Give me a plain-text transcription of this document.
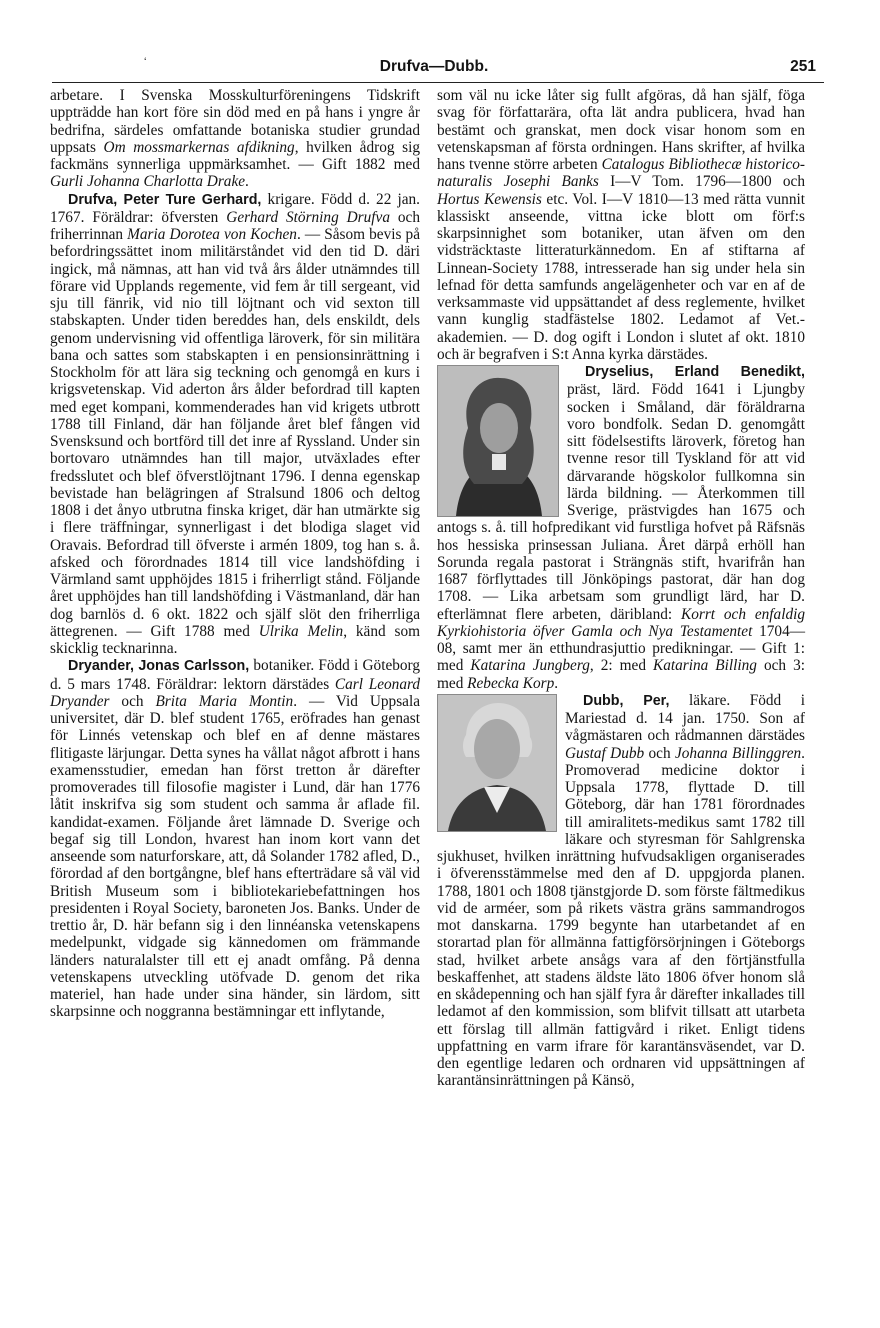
‘	Drufva—Dubb.	251

arbetare. I Svenska Mosskulturföreningens Tidskrift uppträdde han kort före sin död med en på hans i yngre år bedrifna, särdeles omfattande botaniska studier grundad uppsats Om mossmarkernas afdikning, hvilken ådrog sig fackmäns synnerliga uppmärksamhet. — Gift 1882 med Gurli Johanna Charlotta Drake.

Drufva, Peter Ture Gerhard, krigare. Född d. 22 jan. 1767. Föräldrar: öfversten Gerhard Störning Drufva och friherrinnan Maria Dorotea von Kochen. — Såsom bevis på befordringssättet inom militärståndet vid den tid D. däri ingick, må nämnas, att han vid två års ålder utnämndes till förare vid Upplands regemente, vid fem år till sergeant, vid sju till fänrik, vid nio till löjtnant och vid sexton till stabskapten. Under tiden bereddes han, dels enskildt, dels genom undervisning vid offentliga läroverk, för sin militära bana och sattes som stabskapten i en pensionsinrättning i Stockholm för att lära sig teckning och genomgå en kurs i krigsvetenskap. Vid aderton års ålder befordrad till kapten med eget kompani, kommenderades han vid krigets utbrott 1788 till Finland, där han följande året blef fången vid Svensksund och bortförd till det inre af Ryssland. Under sin bortovaro utnämndes han till major, utväxlades efter fredsslutet och blef öfverstlöjtnant 1796. I denna egenskap bevistade han belägringen af Stralsund 1806 och deltog 1808 i det ånyo utbrutna finska kriget, där han utmärkte sig i flere träffningar, synnerligast i det blodiga slaget vid Oravais. Befordrad till öfverste i armén 1809, tog han s. å. afsked och förordnades 1814 till vice landshöfding i Värmland samt upphöjdes 1815 i friherrligt stånd. Följande året upphöjdes han till landshöfding i Västmanland, där han dog barnlös d. 6 okt. 1822 och själf slöt den friherrliga ättegrenen. — Gift 1788 med Ulrika Melin, känd som skicklig tecknarinna.

Dryander, Jonas Carlsson, botaniker. Född i Göteborg d. 5 mars 1748. Föräldrar: lektorn därstädes Carl Leonard Dryander och Brita Maria Montin. — Vid Uppsala universitet, där D. blef student 1765, eröfrades han genast för Linnés vetenskap och blef en af denne mästares flitigaste lärjungar. Detta synes ha vållat något afbrott i hans examensstudier, emedan han först tretton år därefter promoverades till filosofie magister i Lund, där han 1776 låtit inskrifva sig som student och samma år aflade fil. kandidat-examen. Följande året lämnade D. Sverige och begaf sig till London, hvarest han inom kort vann det anseende som naturforskare, att, då Solander 1782 afled, D., förordad af den bortgångne, blef hans efterträdare så väl vid British Museum som i bibliotekariebefattningen hos presidenten i Royal Society, baroneten Jos. Banks. Under de trettio år, D. här befann sig i den linnéanska vetenskapens medelpunkt, vidgade sig kännedomen om främmande länders naturalalster till ett ej anadt omfång. På denna vetenskapens utveckling utöfvade D. genom det rika materiel, han hade under sina händer, sin lärdom, sitt skarpsinne och noggranna bestämningar ett inflytande,

som väl nu icke låter sig fullt afgöras, då han själf, föga svag för författarära, ofta lät andra publicera, hvad han bestämt och granskat, men dock visar honom som en vetenskapsman af första ordningen. Hans skrifter, af hvilka hans tvenne större arbeten Catalogus Bibliothecæ historico-naturalis Josephi Banks I—V Tom. 1796—1800 och Hortus Kewensis etc. Vol. I—V 1810—13 med rätta vunnit klassiskt anseende, vittna icke blott om förf:s skarpsinnighet som botaniker, utan äfven om den vidsträcktaste litteraturkännedom. En af stiftarna af Linnean-Society 1788, intresserade han sig under hela sin lefnad för detta samfunds angelägenheter och var en af de verksammaste vid uppsättandet af dess reglemente, hvilket vann kunglig stadfästelse 1802. Ledamot af Vet.-akademien. — D. dog ogift i London i slutet af okt. 1810 och är begrafven i S:t Anna kyrka därstädes.

Dryselius, Erland Benedikt,
präst, lärd. Född 1641 i Ljungby socken i Småland, där föräldrarna voro bondfolk. Sedan D. genomgått sitt födelsestifts läroverk, företog han tvenne resor till Tyskland för att vid därvarande högskolor fullkomna sin lärda bildning. — Återkommen till Sverige, prästvigdes han 1675 och antogs s. å. till hofpredikant vid furstliga hofvet på Räfsnäs hos hessiska prinsessan Juliana. Året därpå erhöll han Sorunda regala pastorat i Strängnäs stift, hvarifrån han 1687 förflyttades till Jönköpings pastorat, där han dog 1708. — Lika arbetsam som grundligt lärd, har D. efterlämnat flere arbeten, däribland: Korrt och enfaldig Kyrkiohistoria öfver Gamla och Nya Testamentet 1704—08, samt mer än etthundrasjuttio predikningar. — Gift 1: med Katarina Jungberg, 2: med Katarina Billing och 3: med Rebecka Korp.

Dubb, Per,
läkare. Född i Mariestad d. 14 jan. 1750. Son af vågmästaren och rådmannen därstädes Gustaf Dubb och Johanna Billinggren. Promoverad medicine doktor i Uppsala 1778, flyttade D. till Göteborg, där han 1781 förordnades till amiralitets-medikus samt 1782 till läkare och styresman för Sahlgrenska sjukhuset, hvilken inrättning hufvudsakligen organiserades i öfverensstämmelse med den af D. uppgjorda planen. 1788, 1801 och 1808 tjänstgjorde D. som förste fältmedikus vid de arméer, som på rikets västra gräns sammandrogos mot danskarna. 1799 begynte han utarbetandet af en storartad plan för allmänna fattigförsörjningen i Göteborgs stad, hvilket arbete ansågs vara af den förtjänstfulla beskaffenhet, att stadens äldste läto 1806 öfver honom slå en skådepenning och han själf fyra år därefter inkallades till ledamot af den kommission, som blifvit tillsatt att utarbeta ett förslag till allmän fattigvård i riket. Enligt tidens uppfattning en varm ifrare för karantänsväsendet, var D. den egentlige ledaren och ordnaren vid uppsättningen af karantänsinrättningen på Känsö,
